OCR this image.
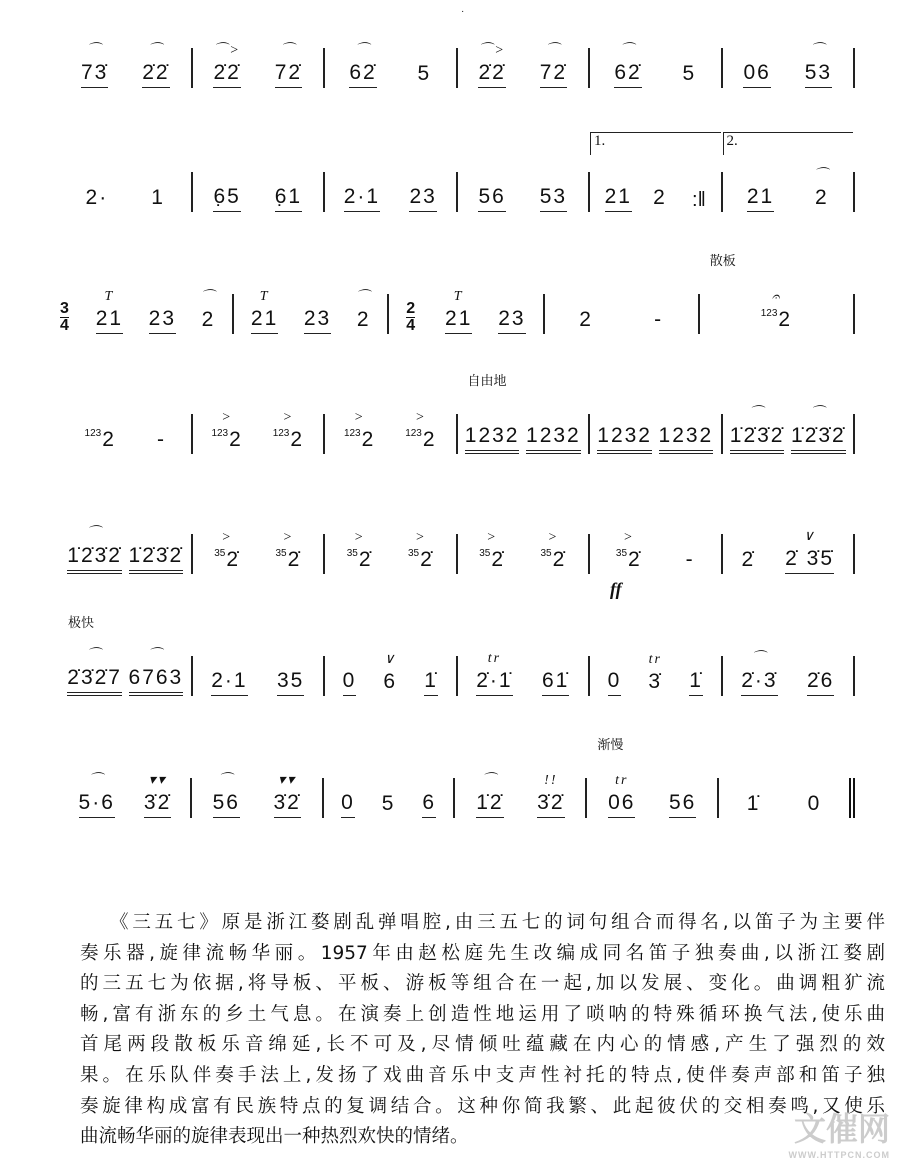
·
73̇
⌒
2̇2̇
⌒
2̇2̇
⌒>
72̇
⌒
62̇
⌒
5 2̇2̇
⌒>
72̇
⌒
62̇
⌒
5 06 53
⌒
2· 1 6̣5 6̣1 2·1 23 56 53
1.
21 2 :‖
2.
21 2
⌒
3
4 21
T
23 2
⌒
21
T
23 2
⌒
2
4 21
T
23	2	-
散板
$^{123}$2
𝄐
$^{123}$2 -	$^{123}$2
>
$^{123}$2
>
$^{123}$2
>
$^{123}$2
>
自由地
1232 1232 1232 1232 1̇2̇3̇2̇
⌒
1̇2̇3̇2̇
⌒
1̇2̇3̇2̇
⌒
1̇2̇3̇2̇	$^{35}$2̇
>
$^{35}$2̇
>
$^{35}$2̇
>
$^{35}$2̇
>
$^{35}$2̇
>
$^{35}$2̇
>
ff
$^{35}$2̇
>
- 2̇ 2̇ 3̇5̇
∨
极快
2̇3̇2̇7
⌒
6763
⌒
2·1 35 0 6
∨
1̇ 2̇·1̇
tr
61̇ 0 3̇
tr
1̇ 2̇·3̇
⌒
2̇6
5·6
⌒
3̇2̇
▾▾
56
⌒
3̇2̇
▾▾
0 5 6 1̇2̇
⌒
3̇2̇
!!
渐慢
06
tr
56 1̇ 0
《三五七》原是浙江婺剧乱弹唱腔,由三五七的词句组合而得名,以笛子为主要伴
奏乐器,旋律流畅华丽。1957年由赵松庭先生改编成同名笛子独奏曲,以浙江婺剧
的三五七为依据,将导板、平板、游板等组合在一起,加以发展、变化。曲调粗犷流
畅,富有浙东的乡土气息。在演奏上创造性地运用了唢呐的特殊循环换气法,使乐曲
首尾两段散板乐音绵延,长不可及,尽情倾吐蕴藏在内心的情感,产生了强烈的效
果。在乐队伴奏手法上,发扬了戏曲音乐中支声性衬托的特点,使伴奏声部和笛子独
奏旋律构成富有民族特点的复调结合。这种你简我繁、此起彼伏的交相奏鸣,又使乐
曲流畅华丽的旋律表现出一种热烈欢快的情绪。	文催网
WWW.HTTPCN.COM
